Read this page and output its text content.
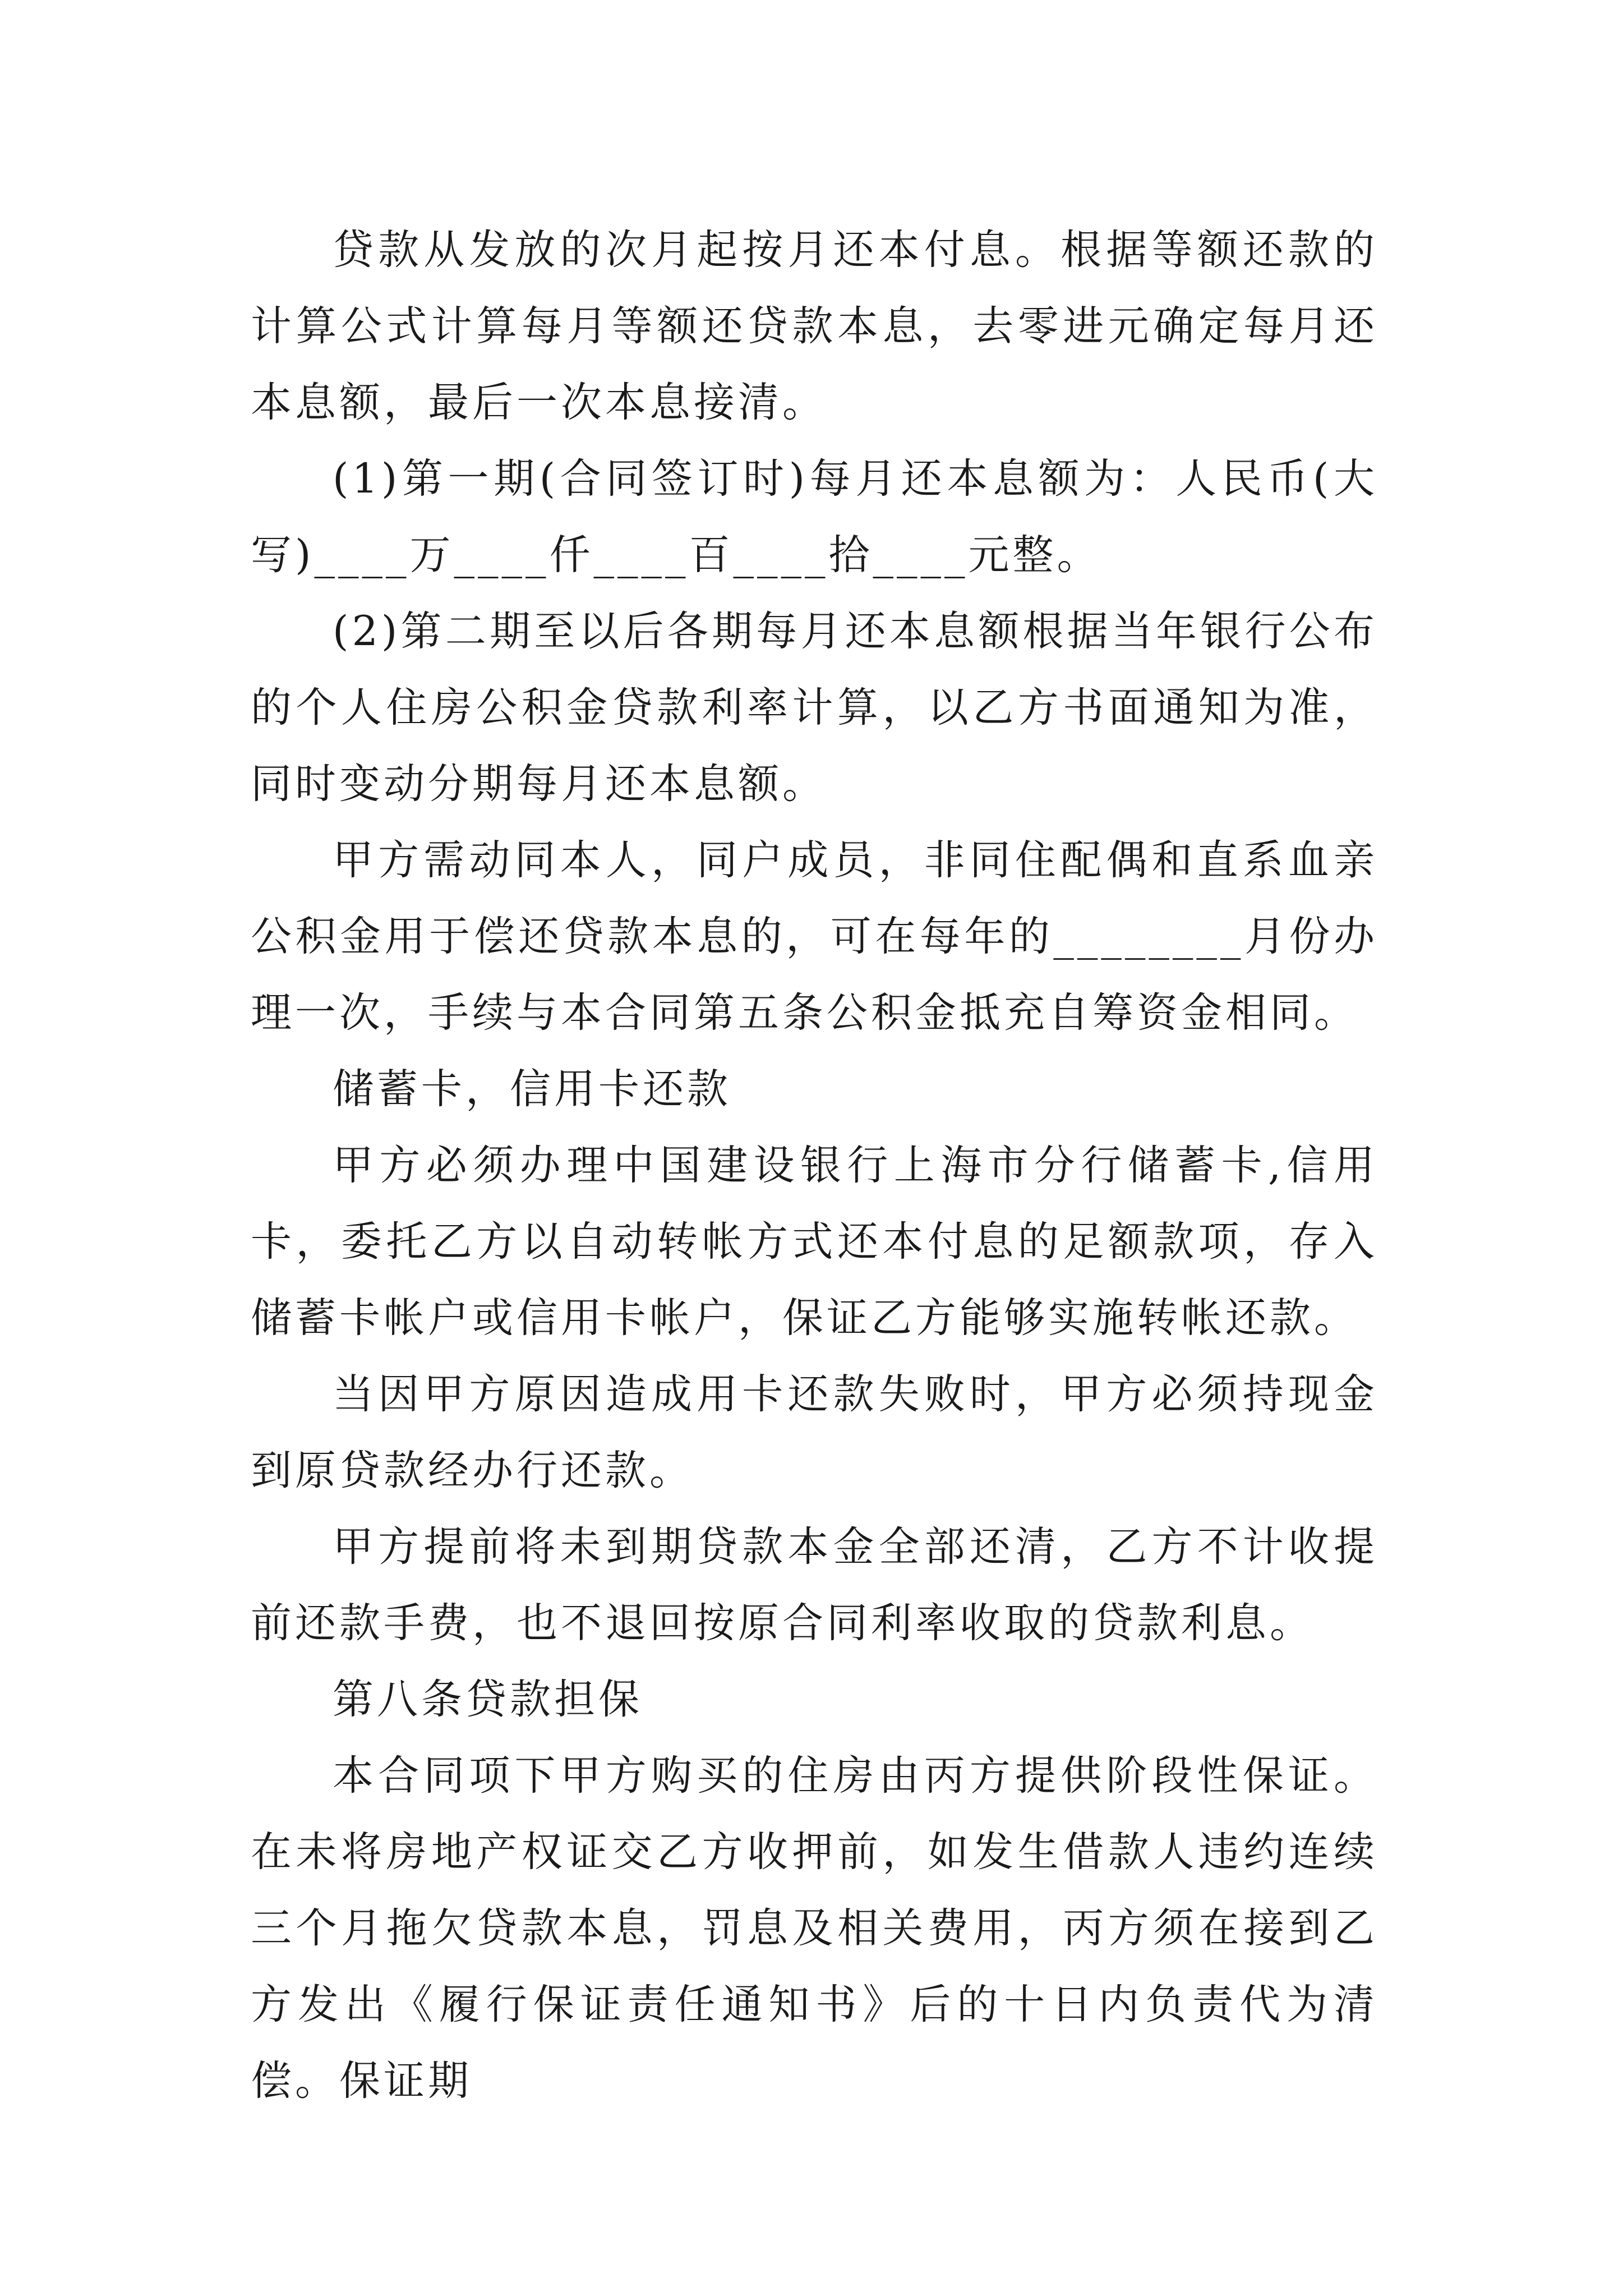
贷款从发放的次月起按月还本付息。根据等额还款的计算公式计算每月等额还贷款本息，去零进元确定每月还本息额，最后一次本息接清。

(1)第一期(合同签订时)每月还本息额为：人民币(大写)____万____仟____百____拾____元整。

(2)第二期至以后各期每月还本息额根据当年银行公布的个人住房公积金贷款利率计算，以乙方书面通知为准，同时变动分期每月还本息额。

甲方需动同本人，同户成员，非同住配偶和直系血亲公积金用于偿还贷款本息的，可在每年的________月份办理一次，手续与本合同第五条公积金抵充自筹资金相同。

储蓄卡，信用卡还款

甲方必须办理中国建设银行上海市分行储蓄卡,信用卡，委托乙方以自动转帐方式还本付息的足额款项，存入储蓄卡帐户或信用卡帐户，保证乙方能够实施转帐还款。

当因甲方原因造成用卡还款失败时，甲方必须持现金到原贷款经办行还款。

甲方提前将未到期贷款本金全部还清，乙方不计收提前还款手费，也不退回按原合同利率收取的贷款利息。

第八条贷款担保

本合同项下甲方购买的住房由丙方提供阶段性保证。在未将房地产权证交乙方收押前，如发生借款人违约连续三个月拖欠贷款本息，罚息及相关费用，丙方须在接到乙方发出《履行保证责任通知书》后的十日内负责代为清偿。保证期
